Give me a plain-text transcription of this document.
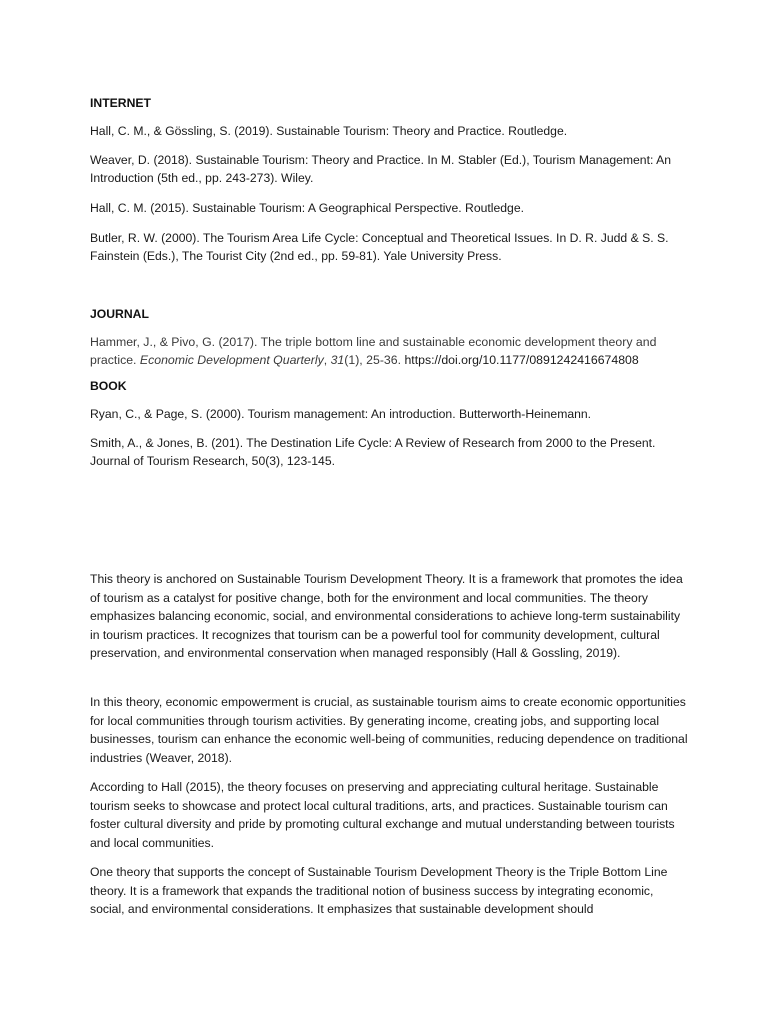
INTERNET
Hall, C. M., & Gössling, S. (2019). Sustainable Tourism: Theory and Practice. Routledge.
Weaver, D. (2018). Sustainable Tourism: Theory and Practice. In M. Stabler (Ed.), Tourism Management: An Introduction (5th ed., pp. 243-273). Wiley.
Hall, C. M. (2015). Sustainable Tourism: A Geographical Perspective. Routledge.
Butler, R. W. (2000). The Tourism Area Life Cycle: Conceptual and Theoretical Issues. In D. R. Judd & S. S. Fainstein (Eds.), The Tourist City (2nd ed., pp. 59-81). Yale University Press.
JOURNAL
Hammer, J., & Pivo, G. (2017). The triple bottom line and sustainable economic development theory and practice. Economic Development Quarterly, 31(1), 25-36. https://doi.org/10.1177/0891242416674808
BOOK
Ryan, C., & Page, S. (2000). Tourism management: An introduction. Butterworth-Heinemann.
Smith, A., & Jones, B. (201). The Destination Life Cycle: A Review of Research from 2000 to the Present. Journal of Tourism Research, 50(3), 123-145.
This theory is anchored on Sustainable Tourism Development Theory. It is a framework that promotes the idea of tourism as a catalyst for positive change, both for the environment and local communities. The theory emphasizes balancing economic, social, and environmental considerations to achieve long-term sustainability in tourism practices. It recognizes that tourism can be a powerful tool for community development, cultural preservation, and environmental conservation when managed responsibly (Hall & Gossling, 2019).
In this theory, economic empowerment is crucial, as sustainable tourism aims to create economic opportunities for local communities through tourism activities. By generating income, creating jobs, and supporting local businesses, tourism can enhance the economic well-being of communities, reducing dependence on traditional industries (Weaver, 2018).
According to Hall (2015), the theory focuses on preserving and appreciating cultural heritage. Sustainable tourism seeks to showcase and protect local cultural traditions, arts, and practices. Sustainable tourism can foster cultural diversity and pride by promoting cultural exchange and mutual understanding between tourists and local communities.
One theory that supports the concept of Sustainable Tourism Development Theory is the Triple Bottom Line theory. It is a framework that expands the traditional notion of business success by integrating economic, social, and environmental considerations. It emphasizes that sustainable development should
